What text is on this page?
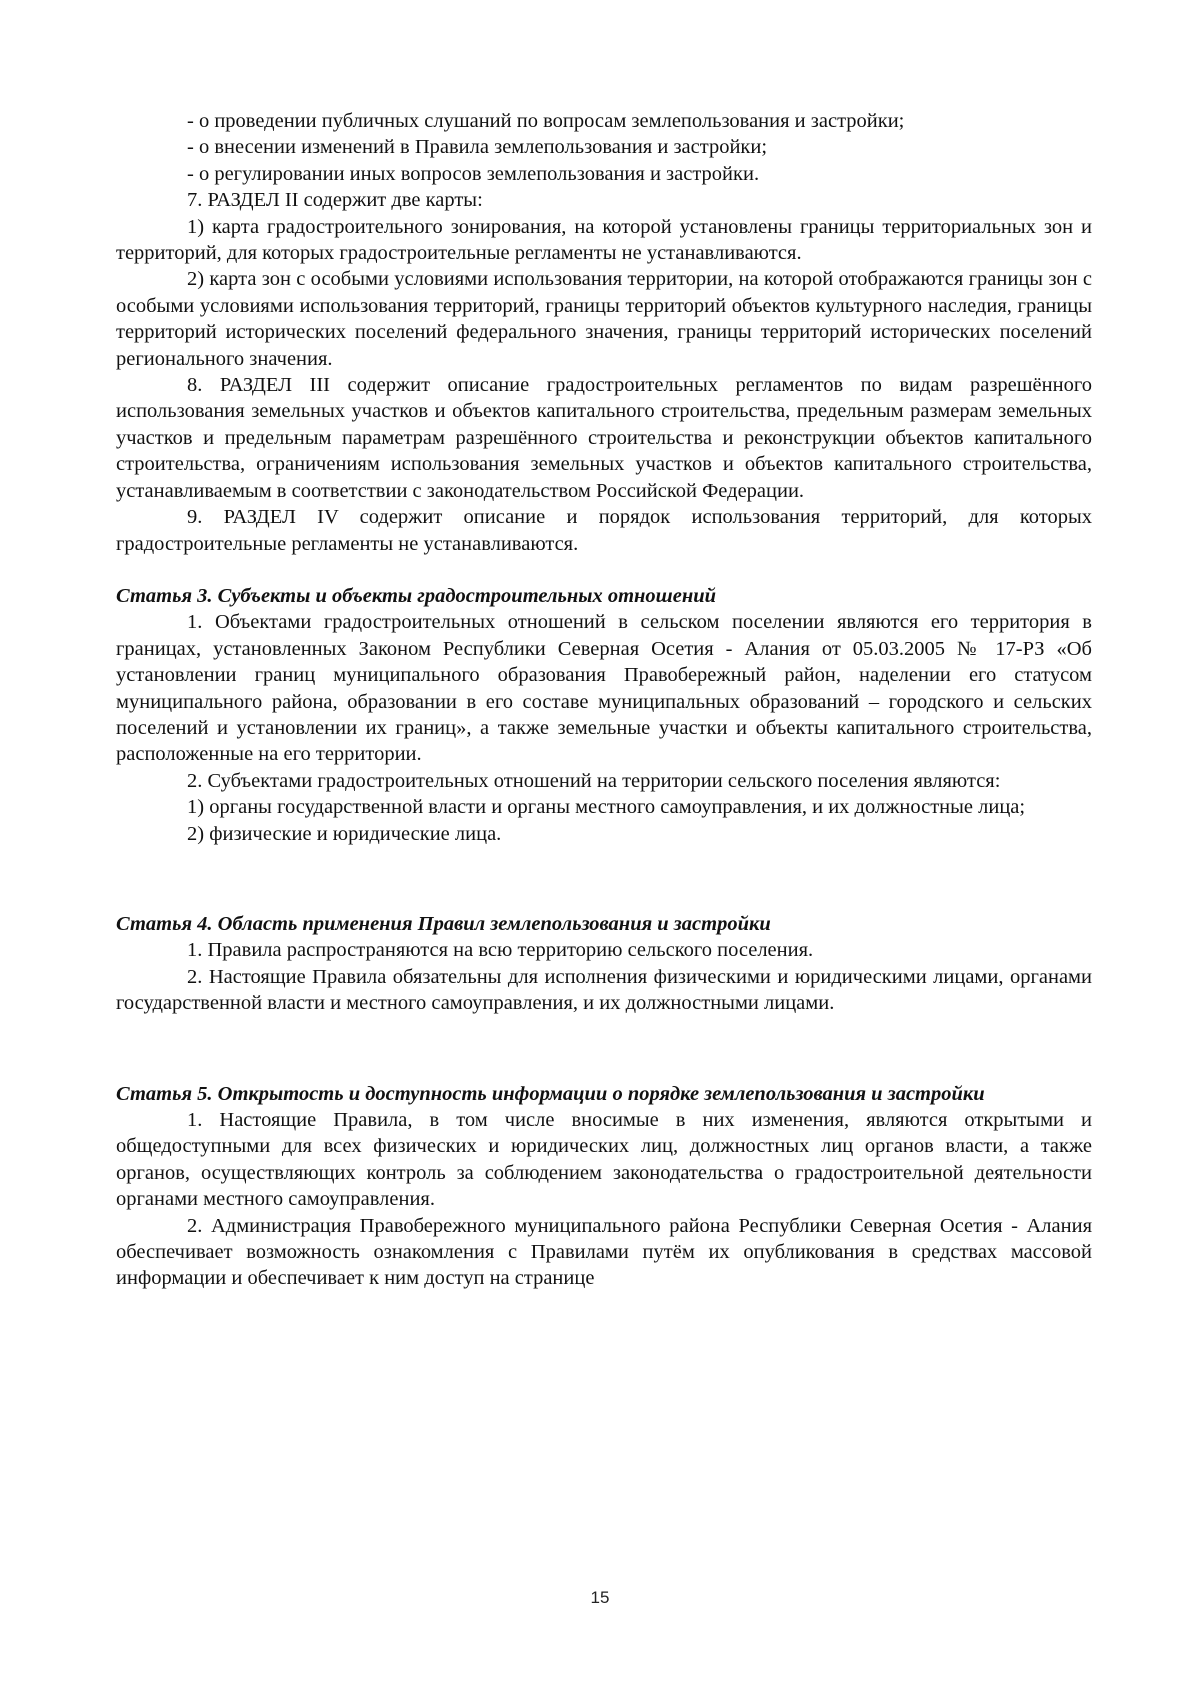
- о проведении публичных слушаний по вопросам землепользования и застройки;

- о внесении изменений в Правила землепользования и застройки;

- о регулировании иных вопросов землепользования и застройки.

7. РАЗДЕЛ II содержит две карты:

1) карта градостроительного зонирования, на которой установлены границы территориальных зон и территорий, для которых градостроительные регламенты не устанавливаются.

2) карта зон с особыми условиями использования территории, на которой отображаются границы зон с особыми условиями использования территорий, границы территорий объектов культурного наследия, границы территорий исторических поселений федерального значения, границы территорий исторических поселений регионального значения.

8. РАЗДЕЛ III содержит описание градостроительных регламентов по видам разрешённого использования земельных участков и объектов капитального строительства, предельным размерам земельных участков и предельным параметрам разрешённого строительства и реконструкции объектов капитального строительства, ограничениям использования земельных участков и объектов капитального строительства, устанавливаемым в соответствии с законодательством Российской Федерации.

9. РАЗДЕЛ IV содержит описание и порядок использования территорий, для которых градостроительные регламенты не устанавливаются.

Статья 3. Субъекты и объекты градостроительных отношений

1. Объектами градостроительных отношений в сельском поселении являются его территория в границах, установленных Законом Республики Северная Осетия - Алания от 05.03.2005 № 17-РЗ «Об установлении границ муниципального образования Правобережный район, наделении его статусом муниципального района, образовании в его составе муниципальных образований – городского и сельских поселений и установлении их границ», а также земельные участки и объекты капитального строительства, расположенные на его территории.

2. Субъектами градостроительных отношений на территории сельского поселения являются:

1) органы государственной власти и органы местного самоуправления, и их должностные лица;

2) физические и юридические лица.

Статья 4. Область применения Правил землепользования и застройки

1. Правила распространяются на всю территорию сельского поселения.

2. Настоящие Правила обязательны для исполнения физическими и юридическими лицами, органами государственной власти и местного самоуправления, и их должностными лицами.

Статья 5. Открытость и доступность информации о порядке землепользования и застройки

1. Настоящие Правила, в том числе вносимые в них изменения, являются открытыми и общедоступными для всех физических и юридических лиц, должностных лиц органов власти, а также органов, осуществляющих контроль за соблюдением законодательства о градостроительной деятельности органами местного самоуправления.

2. Администрация Правобережного муниципального района Республики Северная Осетия - Алания обеспечивает возможность ознакомления с Правилами путём их опубликования в средствах массовой информации и обеспечивает к ним доступ на странице

15
